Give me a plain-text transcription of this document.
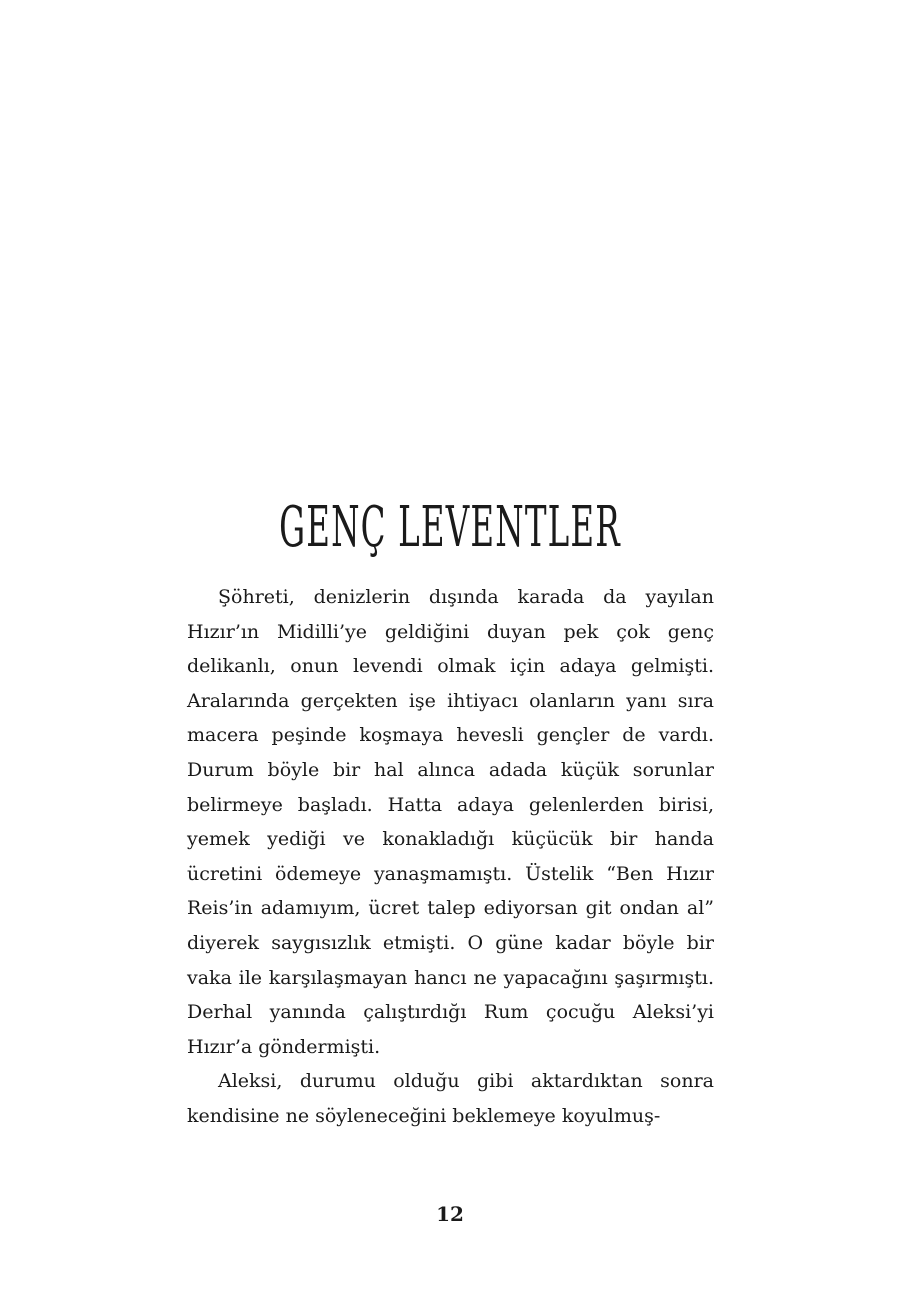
GENÇ LEVENTLER

Şöhreti, denizlerin dışında karada da yayılan Hızır’ın Midilli’ye geldiğini duyan pek çok genç delikanlı, onun levendi olmak için adaya gelmişti. Aralarında gerçekten işe ihtiyacı olanların yanı sıra macera peşinde koşmaya hevesli gençler de vardı. Durum böyle bir hal alınca adada küçük sorunlar belirmeye başladı. Hatta adaya gelenlerden birisi, yemek yediği ve konakladığı küçücük bir handa ücretini ödemeye yanaşmamıştı. Üstelik “Ben Hızır Reis’in adamıyım, ücret talep ediyorsan git ondan al” diyerek saygısızlık etmişti. O güne kadar böyle bir vaka ile karşılaşmayan hancı ne yapacağını şaşırmıştı. Derhal yanında çalıştırdığı Rum çocuğu Aleksi’yi Hızır’a göndermişti.

Aleksi, durumu olduğu gibi aktardıktan sonra kendisine ne söyleneceğini beklemeye koyulmuş-

12
